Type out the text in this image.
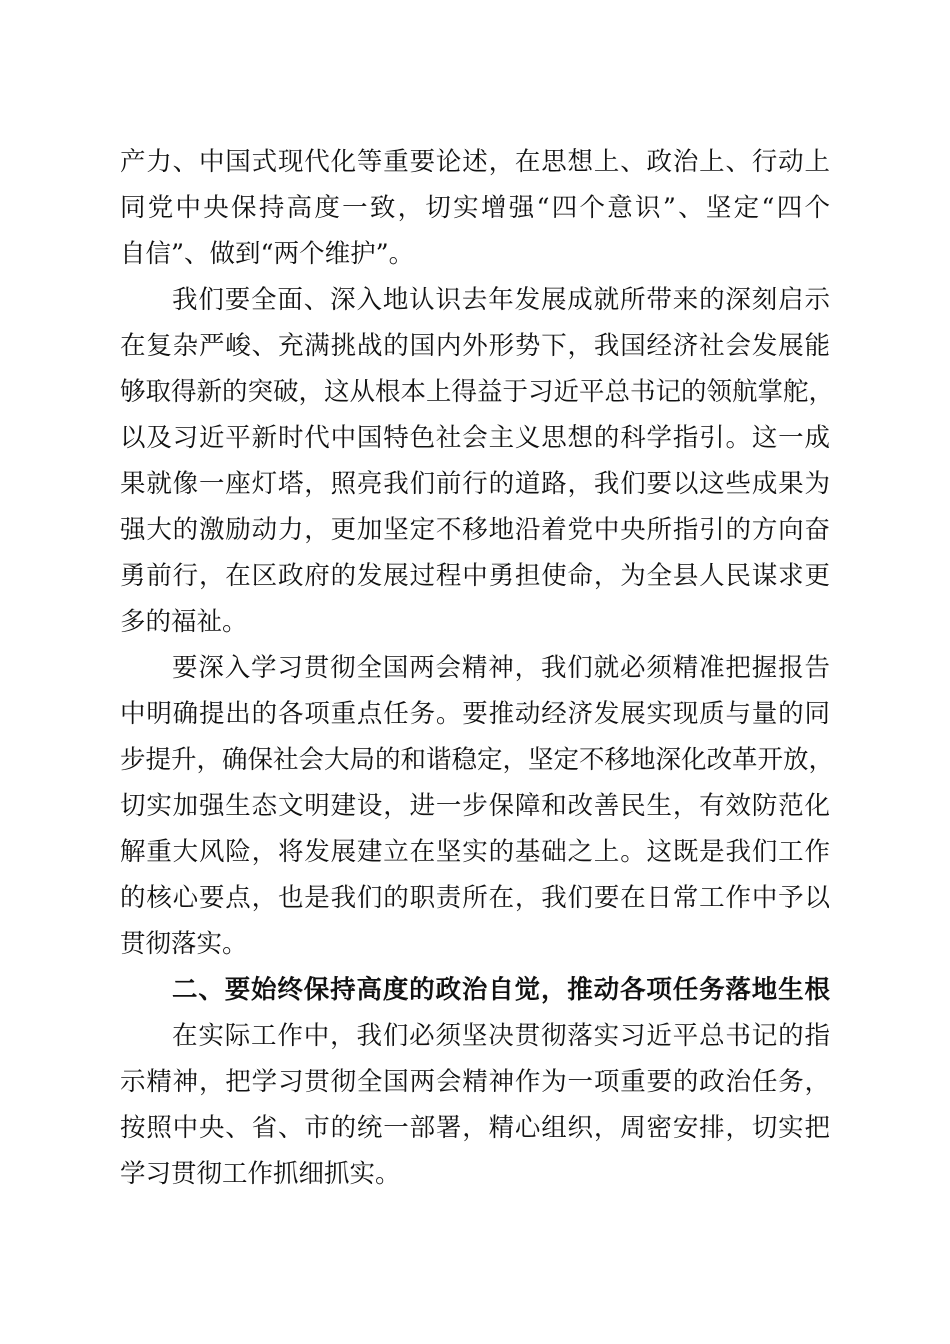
产力、中国式现代化等重要论述，在思想上、政治上、行动上
同党中央保持高度一致，切实增强“四个意识”、坚定“四个
自信”、做到“两个维护”。
我们要全面、深入地认识去年发展成就所带来的深刻启示
在复杂严峻、充满挑战的国内外形势下，我国经济社会发展能
够取得新的突破，这从根本上得益于习近平总书记的领航掌舵，
以及习近平新时代中国特色社会主义思想的科学指引。这一成
果就像一座灯塔，照亮我们前行的道路，我们要以这些成果为
强大的激励动力，更加坚定不移地沿着党中央所指引的方向奋
勇前行，在区政府的发展过程中勇担使命，为全县人民谋求更
多的福祉。
要深入学习贯彻全国两会精神，我们就必须精准把握报告
中明确提出的各项重点任务。要推动经济发展实现质与量的同
步提升，确保社会大局的和谐稳定，坚定不移地深化改革开放，
切实加强生态文明建设，进一步保障和改善民生，有效防范化
解重大风险，将发展建立在坚实的基础之上。这既是我们工作
的核心要点，也是我们的职责所在，我们要在日常工作中予以
贯彻落实。
二、要始终保持高度的政治自觉，推动各项任务落地生根
在实际工作中，我们必须坚决贯彻落实习近平总书记的指
示精神，把学习贯彻全国两会精神作为一项重要的政治任务，
按照中央、省、市的统一部署，精心组织，周密安排，切实把
学习贯彻工作抓细抓实。
